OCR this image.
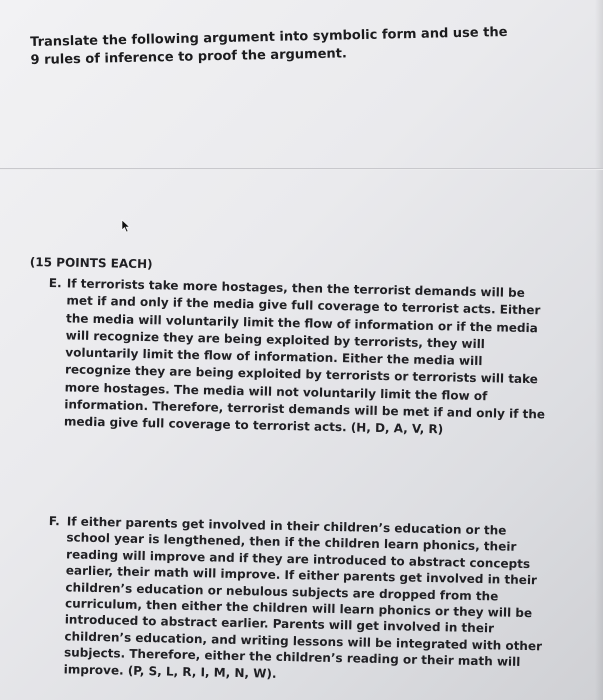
Translate the following argument into symbolic form and use the 9 rules of inference to proof the argument.

(15 POINTS EACH)
E. If terrorists take more hostages, then the terrorist demands will be met if and only if the media give full coverage to terrorist acts. Either the media will voluntarily limit the flow of information or if the media will recognize they are being exploited by terrorists, they will voluntarily limit the flow of information. Either the media will recognize they are being exploited by terrorists or terrorists will take more hostages. The media will not voluntarily limit the flow of information. Therefore, terrorist demands will be met if and only if the media give full coverage to terrorist acts. (H, D, A, V, R)
F. If either parents get involved in their children’s education or the school year is lengthened, then if the children learn phonics, their reading will improve and if they are introduced to abstract concepts earlier, their math will improve. If either parents get involved in their children’s education or nebulous subjects are dropped from the curriculum, then either the children will learn phonics or they will be introduced to abstract earlier. Parents will get involved in their children’s education, and writing lessons will be integrated with other subjects. Therefore, either the children’s reading or their math will improve. (P, S, L, R, I, M, N, W).
